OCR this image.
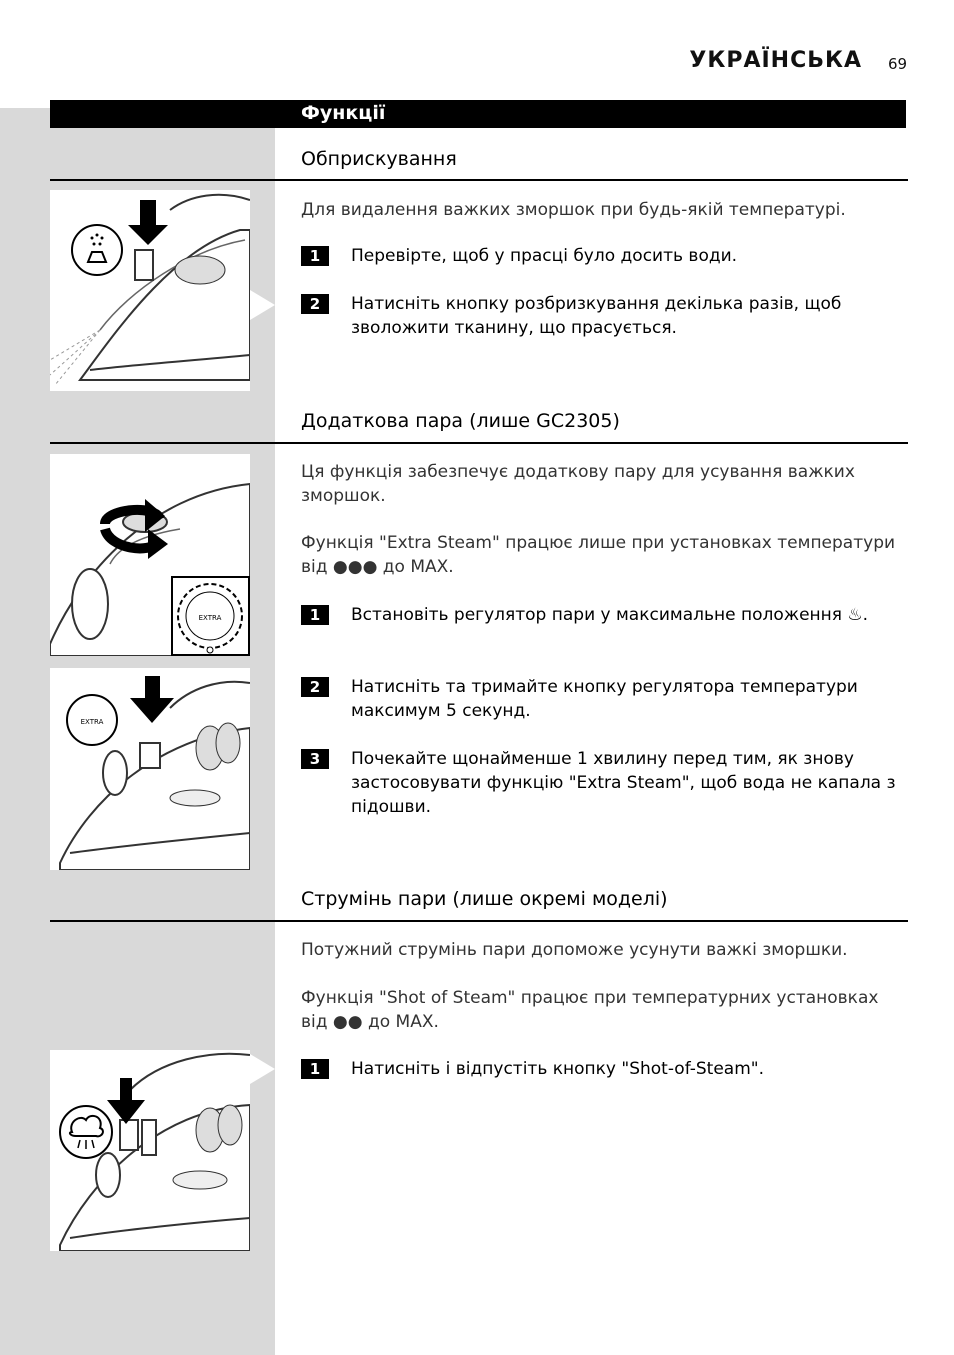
УКРАЇНСЬКА 69
Функції
Обприскування
Для видалення важких зморшок при будь-якій температурі.
1	Перевірте, щоб у прасці було досить води.
2	Натисніть кнопку розбризкування декілька разів, щоб зволожити тканину, що прасується.
Додаткова пара (лише GC2305)
EXTRA
EXTRA
Ця функція забезпечує додаткову пару для усування важких зморшок.
Функція "Extra Steam" працює лише при установках температури від ●●● до MAX.
1	Встановіть регулятор пари у максимальне положення ♨.
2	Натисніть та тримайте кнопку регулятора температури максимум 5 секунд.
3	Почекайте щонайменше 1 хвилину перед тим, як знову застосовувати функцію "Extra Steam", щоб вода не капала з підошви.
Струмінь пари (лише окремі моделі)
Потужний струмінь пари допоможе усунути важкі зморшки.
Функція "Shot of Steam" працює при температурних установках від ●● до MAX.
1	Натисніть і відпустіть кнопку "Shot-of-Steam".
